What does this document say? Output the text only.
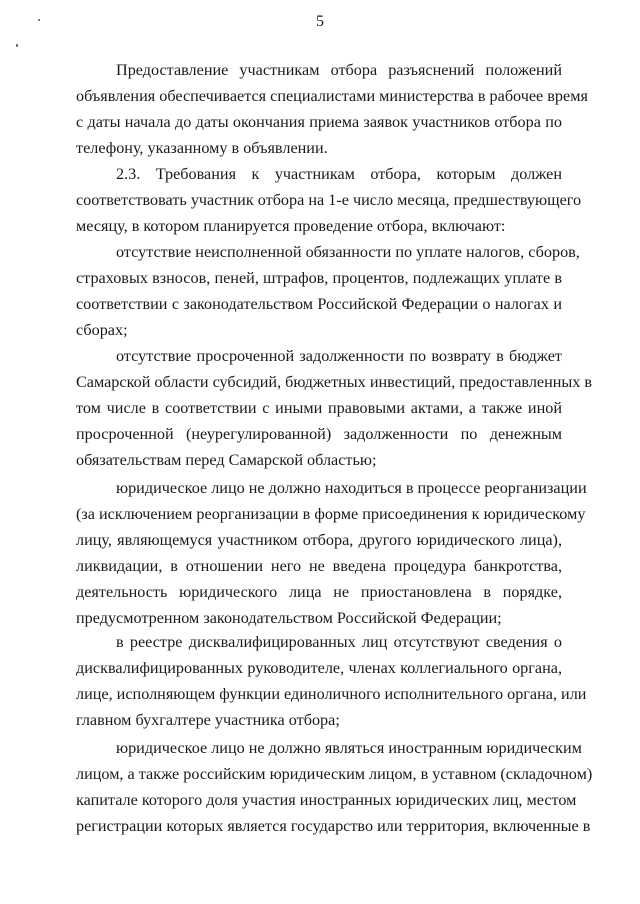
5
Предоставление участникам отбора разъяснений положений
объявления обеспечивается специалистами министерства в рабочее время
с даты начала до даты окончания приема заявок участников отбора по
телефону, указанному в объявлении.
2.3. Требования к участникам отбора, которым должен
соответствовать участник отбора на 1-е число месяца, предшествующего
месяцу, в котором планируется проведение отбора, включают:
отсутствие неисполненной обязанности по уплате налогов, сборов,
страховых взносов, пеней, штрафов, процентов, подлежащих уплате в
соответствии с законодательством Российской Федерации о налогах и
сборах;
отсутствие просроченной задолженности по возврату в бюджет
Самарской области субсидий, бюджетных инвестиций, предоставленных в
том числе в соответствии с иными правовыми актами, а также иной
просроченной (неурегулированной) задолженности по денежным
обязательствам перед Самарской областью;
юридическое лицо не должно находиться в процессе реорганизации
(за исключением реорганизации в форме присоединения к юридическому
лицу, являющемуся участником отбора, другого юридического лица),
ликвидации, в отношении него не введена процедура банкротства,
деятельность юридического лица не приостановлена в порядке,
предусмотренном законодательством Российской Федерации;
в реестре дисквалифицированных лиц отсутствуют сведения о
дисквалифицированных руководителе, членах коллегиального органа,
лице, исполняющем функции единоличного исполнительного органа, или
главном бухгалтере участника отбора;
юридическое лицо не должно являться иностранным юридическим
лицом, а также российским юридическим лицом, в уставном (складочном)
капитале которого доля участия иностранных юридических лиц, местом
регистрации которых является государство или территория, включенные в
